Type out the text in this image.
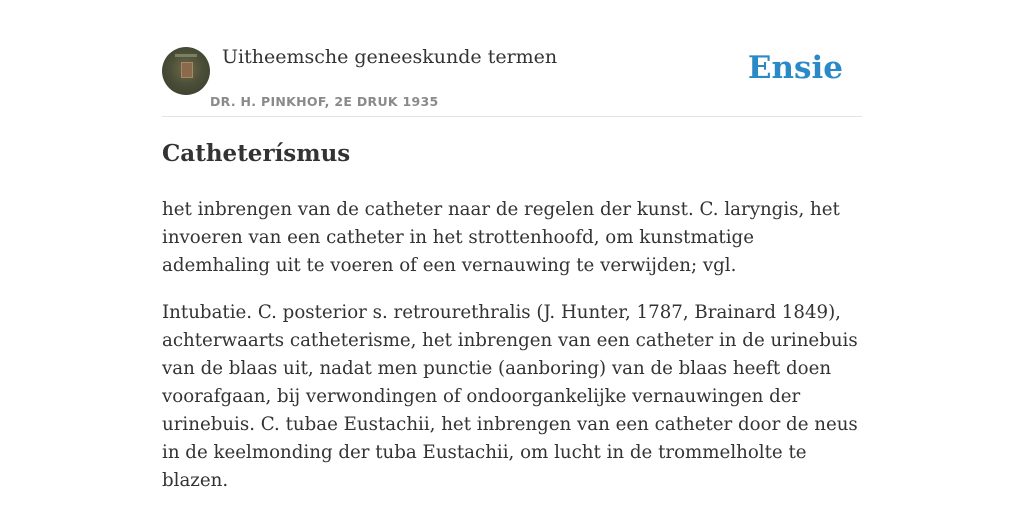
Uitheemsche geneeskunde termen
DR. H. PINKHOF, 2E DRUK 1935
Ensie
Catheterísmus

het inbrengen van de catheter naar de regelen der kunst. C. laryngis, het invoeren van een catheter in het strottenhoofd, om kunstmatige ademhaling uit te voeren of een vernauwing te verwijden; vgl.

Intubatie. C. posterior s. retrourethralis (J. Hunter, 1787, Brainard 1849), achterwaarts catheterisme, het inbrengen van een catheter in de urinebuis van de blaas uit, nadat men punctie (aanboring) van de blaas heeft doen voorafgaan, bij verwondingen of ondoorgankelijke vernauwingen der urinebuis. C. tubae Eustachii, het inbrengen van een catheter door de neus in de keelmonding der tuba Eustachii, om lucht in de trommelholte te blazen.
